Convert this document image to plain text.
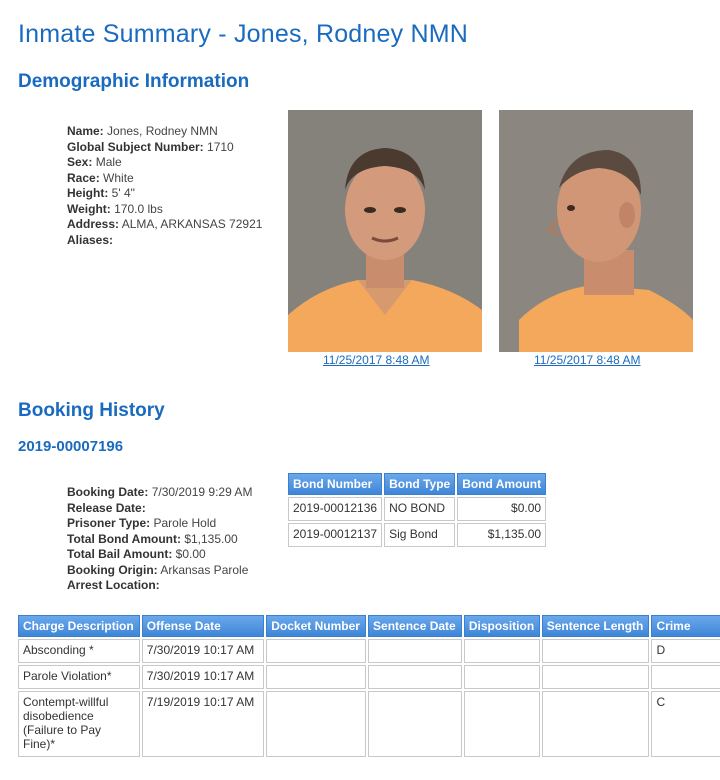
Inmate Summary - Jones, Rodney NMN
Demographic Information
Name: Jones, Rodney NMN
Global Subject Number: 1710
Sex: Male
Race: White
Height: 5' 4"
Weight: 170.0 lbs
Address: ALMA, ARKANSAS 72921
Aliases:
11/25/2017 8:48 AM	11/25/2017 8:48 AM
Booking History
2019-00007196
Booking Date: 7/30/2019 9:29 AM
Release Date:
Prisoner Type: Parole Hold
Total Bond Amount: $1,135.00
Total Bail Amount: $0.00
Booking Origin: Arkansas Parole
Arrest Location:
Bond Number	Bond Type	Bond Amount
2019-00012136	NO BOND	$0.00
2019-00012137	Sig Bond	$1,135.00
Charge Description	Offense Date	Docket Number	Sentence Date	Disposition	Sentence Length	Crime
Absconding *	7/30/2019 10:17 AM					D
Parole Violation*	7/30/2019 10:17 AM					
Contempt-willful disobedience (Failure to Pay Fine)*	7/19/2019 10:17 AM					C
